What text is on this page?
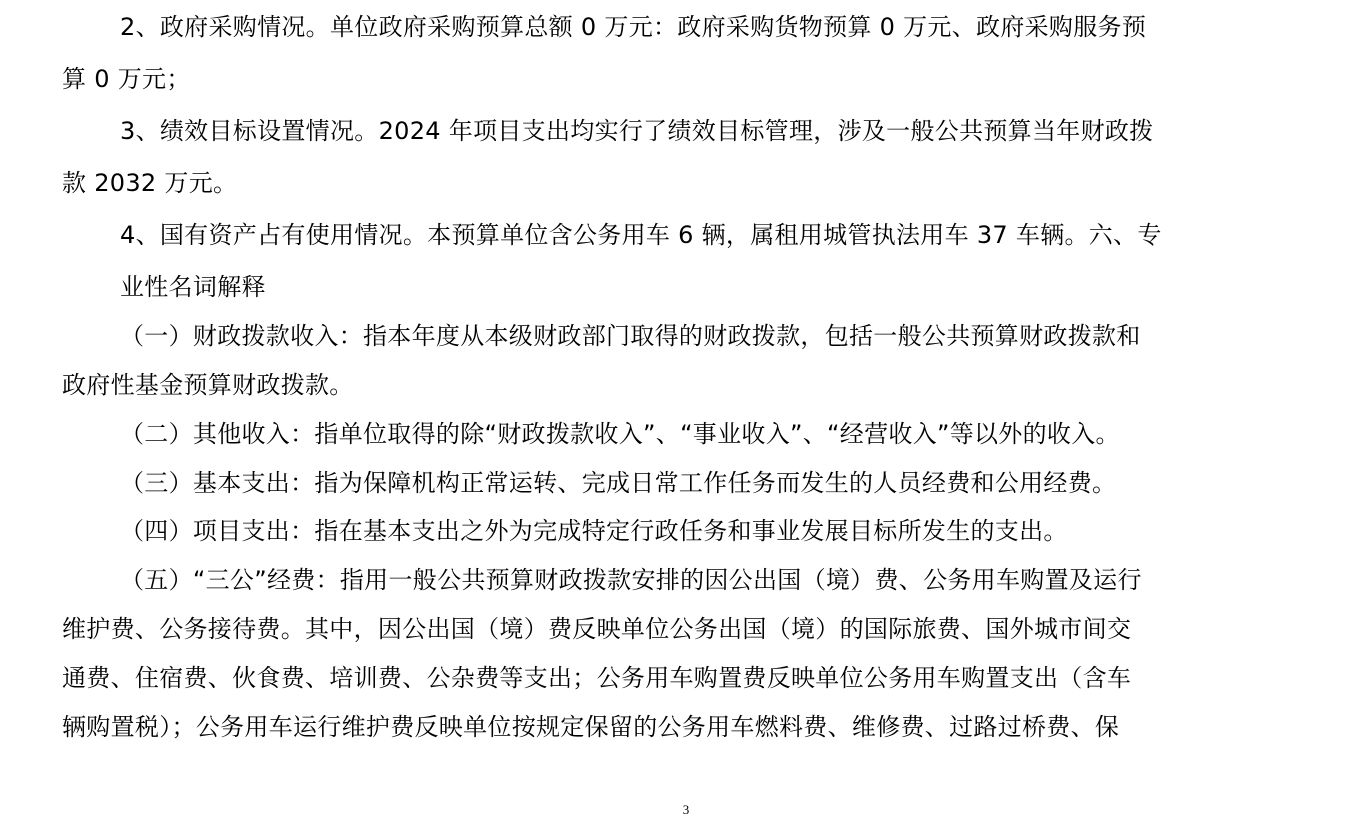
2、政府采购情况。单位政府采购预算总额 0 万元：政府采购货物预算 0 万元、政府采购服务预
算 0 万元；
3、绩效目标设置情况。2024 年项目支出均实行了绩效目标管理，涉及一般公共预算当年财政拨
款 2032 万元。
4、国有资产占有使用情况。本预算单位含公务用车 6 辆，属租用城管执法用车 37 车辆。六、专
业性名词解释
（一）财政拨款收入：指本年度从本级财政部门取得的财政拨款，包括一般公共预算财政拨款和
政府性基金预算财政拨款。
（二）其他收入：指单位取得的除“财政拨款收入”、“事业收入”、“经营收入”等以外的收入。
（三）基本支出：指为保障机构正常运转、完成日常工作任务而发生的人员经费和公用经费。
（四）项目支出：指在基本支出之外为完成特定行政任务和事业发展目标所发生的支出。
（五）“三公”经费：指用一般公共预算财政拨款安排的因公出国（境）费、公务用车购置及运行
维护费、公务接待费。其中，因公出国（境）费反映单位公务出国（境）的国际旅费、国外城市间交
通费、住宿费、伙食费、培训费、公杂费等支出；公务用车购置费反映单位公务用车购置支出（含车
辆购置税）；公务用车运行维护费反映单位按规定保留的公务用车燃料费、维修费、过路过桥费、保
3
